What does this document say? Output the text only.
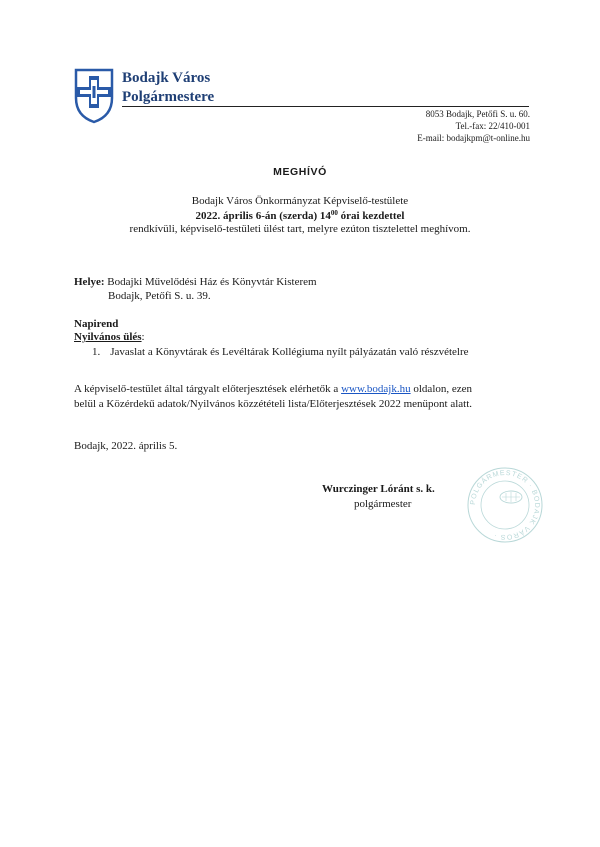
Bodajk Város
Polgármestere
8053 Bodajk, Petőfi S. u. 60.
Tel.-fax: 22/410-001
E-mail: bodajkpm@t-online.hu
MEGHÍVÓ
Bodajk Város Önkormányzat Képviselő-testülete
2022. április 6-án (szerda) $14^{00}$ órai kezdettel
rendkívüli, képviselő-testületi ülést tart, melyre ezúton tisztelettel meghívom.
Helye: Bodajki Művelődési Ház és Könyvtár Kisterem
Bodajk, Petőfi S. u. 39.
Napirend
Nyilvános ülés:
1. Javaslat a Könyvtárak és Levéltárak Kollégiuma nyílt pályázatán való részvételre
A képviselő-testület által tárgyalt előterjesztések elérhetők a www.bodajk.hu oldalon, ezen
belül a Közérdekű adatok/Nyilvános közzétételi lista/Előterjesztések 2022 menüpont alatt.
Bodajk, 2022. április 5.
Wurczinger Lóránt s. k.
polgármester	POLGÁRMESTER · BODAJK VÁROS ·
